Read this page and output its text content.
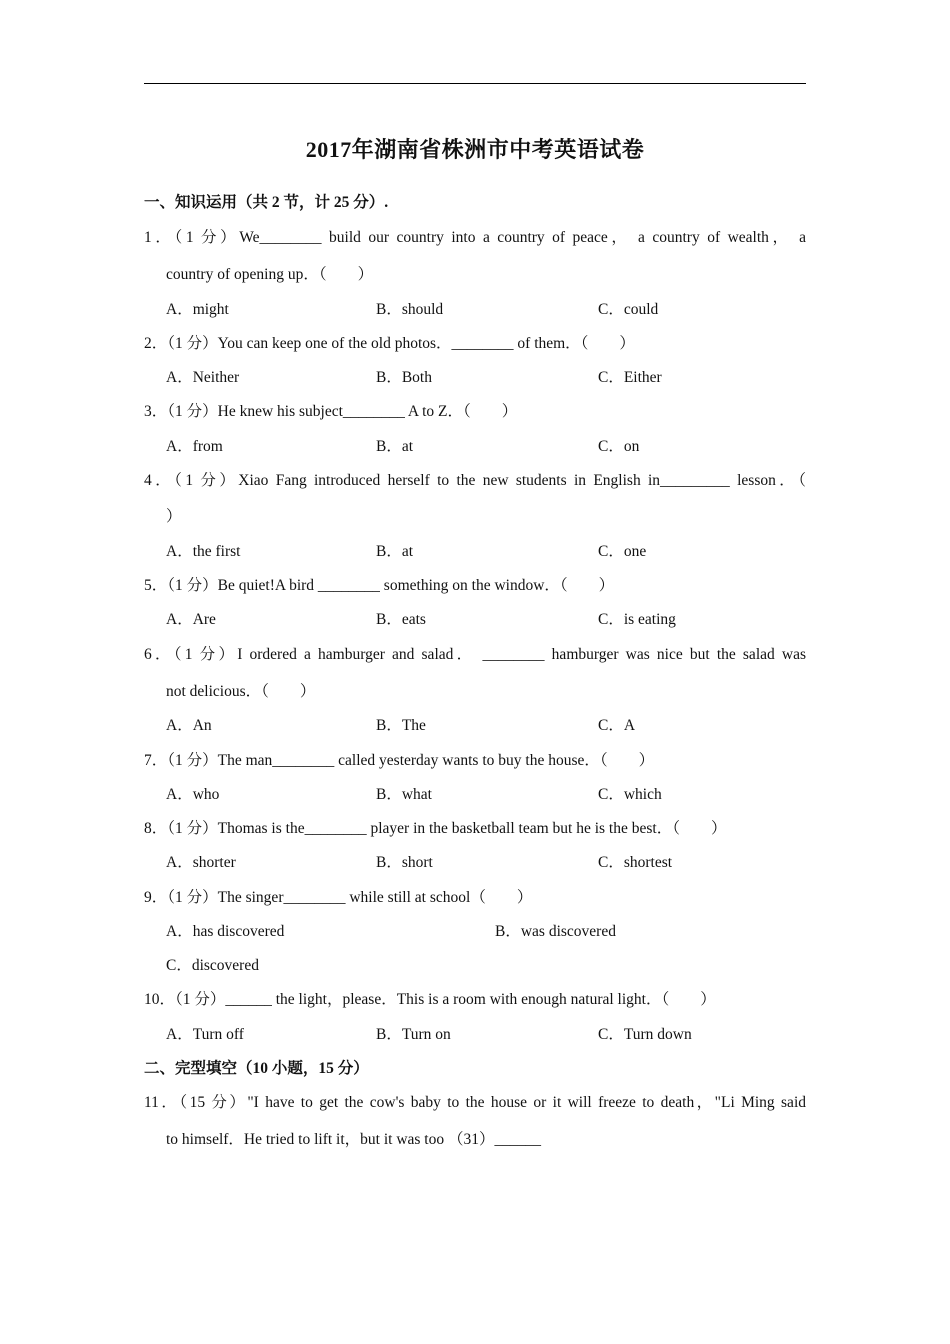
2017年湖南省株洲市中考英语试卷
一、知识运用（共 2 节，计 25 分）.
1．（1 分）We________ build our country into a country of peace， a country of wealth， a
country of opening up．（　　）
A．might	B．should	C．could
2．（1 分）You can keep one of the old photos．________ of them．（　　）
A．Neither	B．Both	C．Either
3．（1 分）He knew his subject________ A to Z．（　　）
A．from	B．at	C．on
4．（1 分）Xiao Fang introduced herself to the new students in English in_________ lesson．（
）
A．the first	B．at	C．one
5．（1 分）Be quiet!A bird ________ something on the window．（　　）
A．Are	B．eats	C．is eating
6．（1 分）I ordered a hamburger and salad． ________ hamburger was nice but the salad was
not delicious．（　　）
A．An	B．The	C．A
7．（1 分）The man________ called yesterday wants to buy the house．（　　）
A．who	B．what	C．which
8．（1 分）Thomas is the________ player in the basketball team but he is the best．（　　）
A．shorter	B．short	C．shortest
9．（1 分）The singer________ while still at school（　　）
A．has discovered	B．was discovered
C．discovered
10．（1 分）______ the light，please．This is a room with enough natural light．（　　）
A．Turn off	B．Turn on	C．Turn down
二、完型填空（10 小题，15 分）
11．（15 分）"I have to get the cow's baby to the house or it will freeze to death，"Li Ming said
to himself．He tried to lift it，but it was too （31）______
